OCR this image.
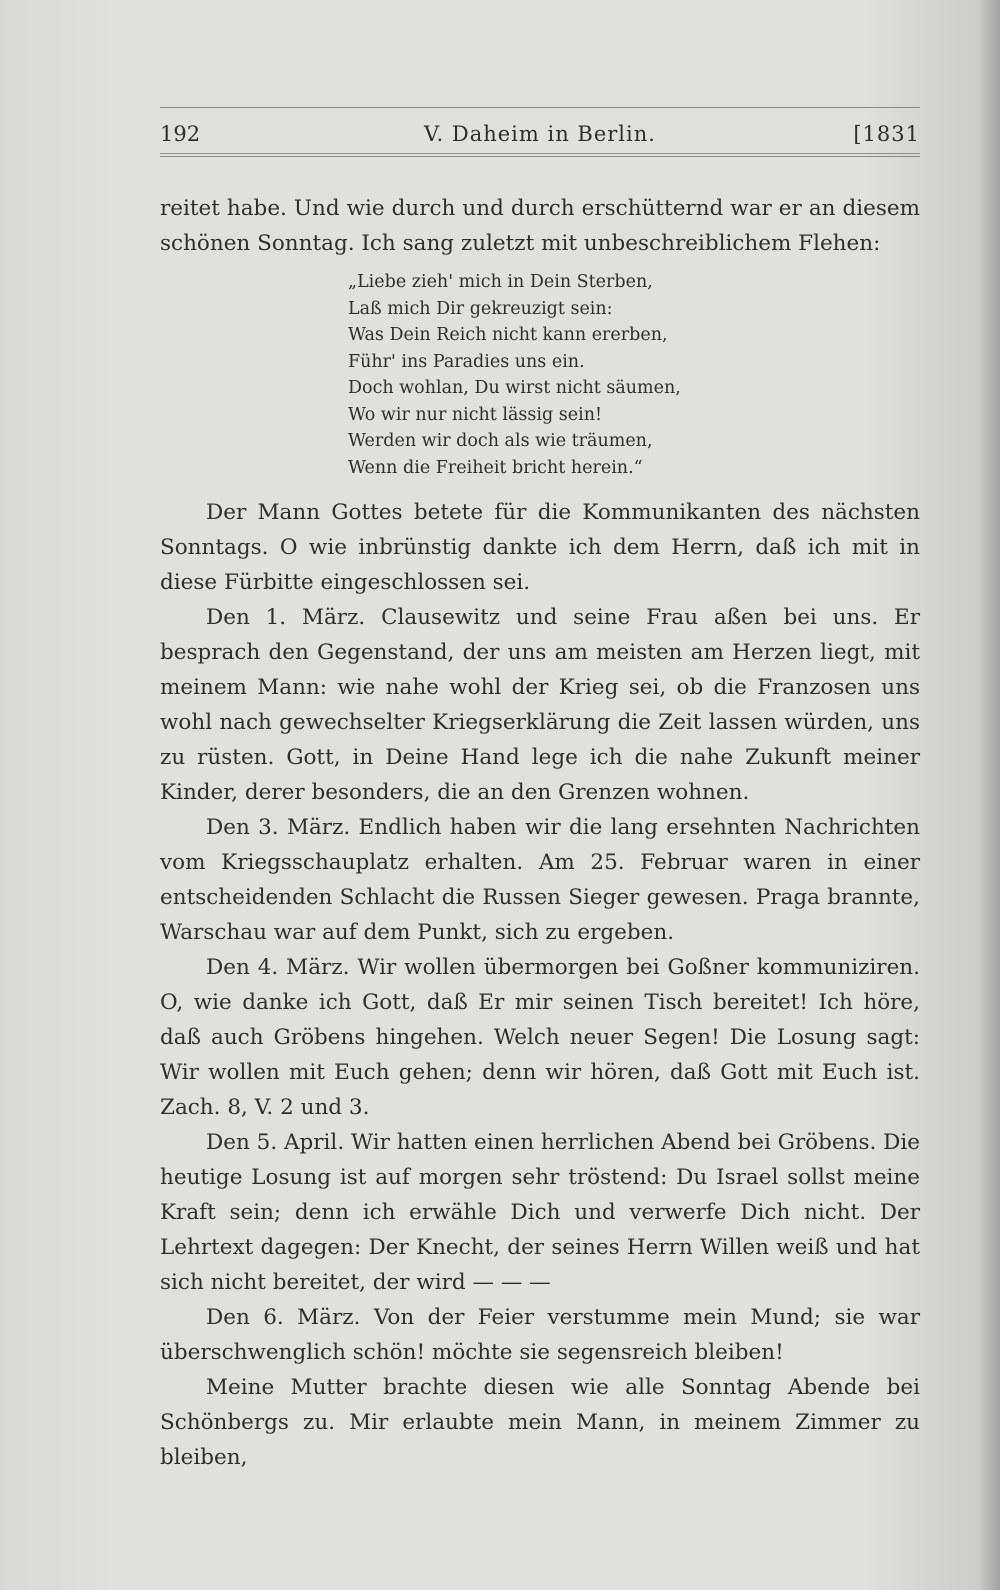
192	V. Daheim in Berlin.	[1831

reitet habe. Und wie durch und durch erschütternd war er an diesem schönen Sonntag. Ich sang zuletzt mit unbeschreiblichem Flehen:

„Liebe zieh' mich in Dein Sterben,
Laß mich Dir gekreuzigt sein:
Was Dein Reich nicht kann ererben,
Führ' ins Paradies uns ein.
Doch wohlan, Du wirst nicht säumen,
Wo wir nur nicht lässig sein!
Werden wir doch als wie träumen,
Wenn die Freiheit bricht herein.“

Der Mann Gottes betete für die Kommunikanten des nächsten Sonntags. O wie inbrünstig dankte ich dem Herrn, daß ich mit in diese Fürbitte eingeschlossen sei.

Den 1. März. Clausewitz und seine Frau aßen bei uns. Er besprach den Gegenstand, der uns am meisten am Herzen liegt, mit meinem Mann: wie nahe wohl der Krieg sei, ob die Franzosen uns wohl nach gewechselter Kriegserklärung die Zeit lassen würden, uns zu rüsten. Gott, in Deine Hand lege ich die nahe Zukunft meiner Kinder, derer besonders, die an den Grenzen wohnen.

Den 3. März. Endlich haben wir die lang ersehnten Nachrichten vom Kriegsschauplatz erhalten. Am 25. Februar waren in einer entscheidenden Schlacht die Russen Sieger gewesen. Praga brannte, Warschau war auf dem Punkt, sich zu ergeben.

Den 4. März. Wir wollen übermorgen bei Goßner kommuniziren. O, wie danke ich Gott, daß Er mir seinen Tisch bereitet! Ich höre, daß auch Gröbens hingehen. Welch neuer Segen! Die Losung sagt: Wir wollen mit Euch gehen; denn wir hören, daß Gott mit Euch ist. Zach. 8, V. 2 und 3.

Den 5. April. Wir hatten einen herrlichen Abend bei Gröbens. Die heutige Losung ist auf morgen sehr tröstend: Du Israel sollst meine Kraft sein; denn ich erwähle Dich und verwerfe Dich nicht. Der Lehrtext dagegen: Der Knecht, der seines Herrn Willen weiß und hat sich nicht bereitet, der wird — — —

Den 6. März. Von der Feier verstumme mein Mund; sie war überschwenglich schön! möchte sie segensreich bleiben!

Meine Mutter brachte diesen wie alle Sonntag Abende bei Schönbergs zu. Mir erlaubte mein Mann, in meinem Zimmer zu bleiben,
